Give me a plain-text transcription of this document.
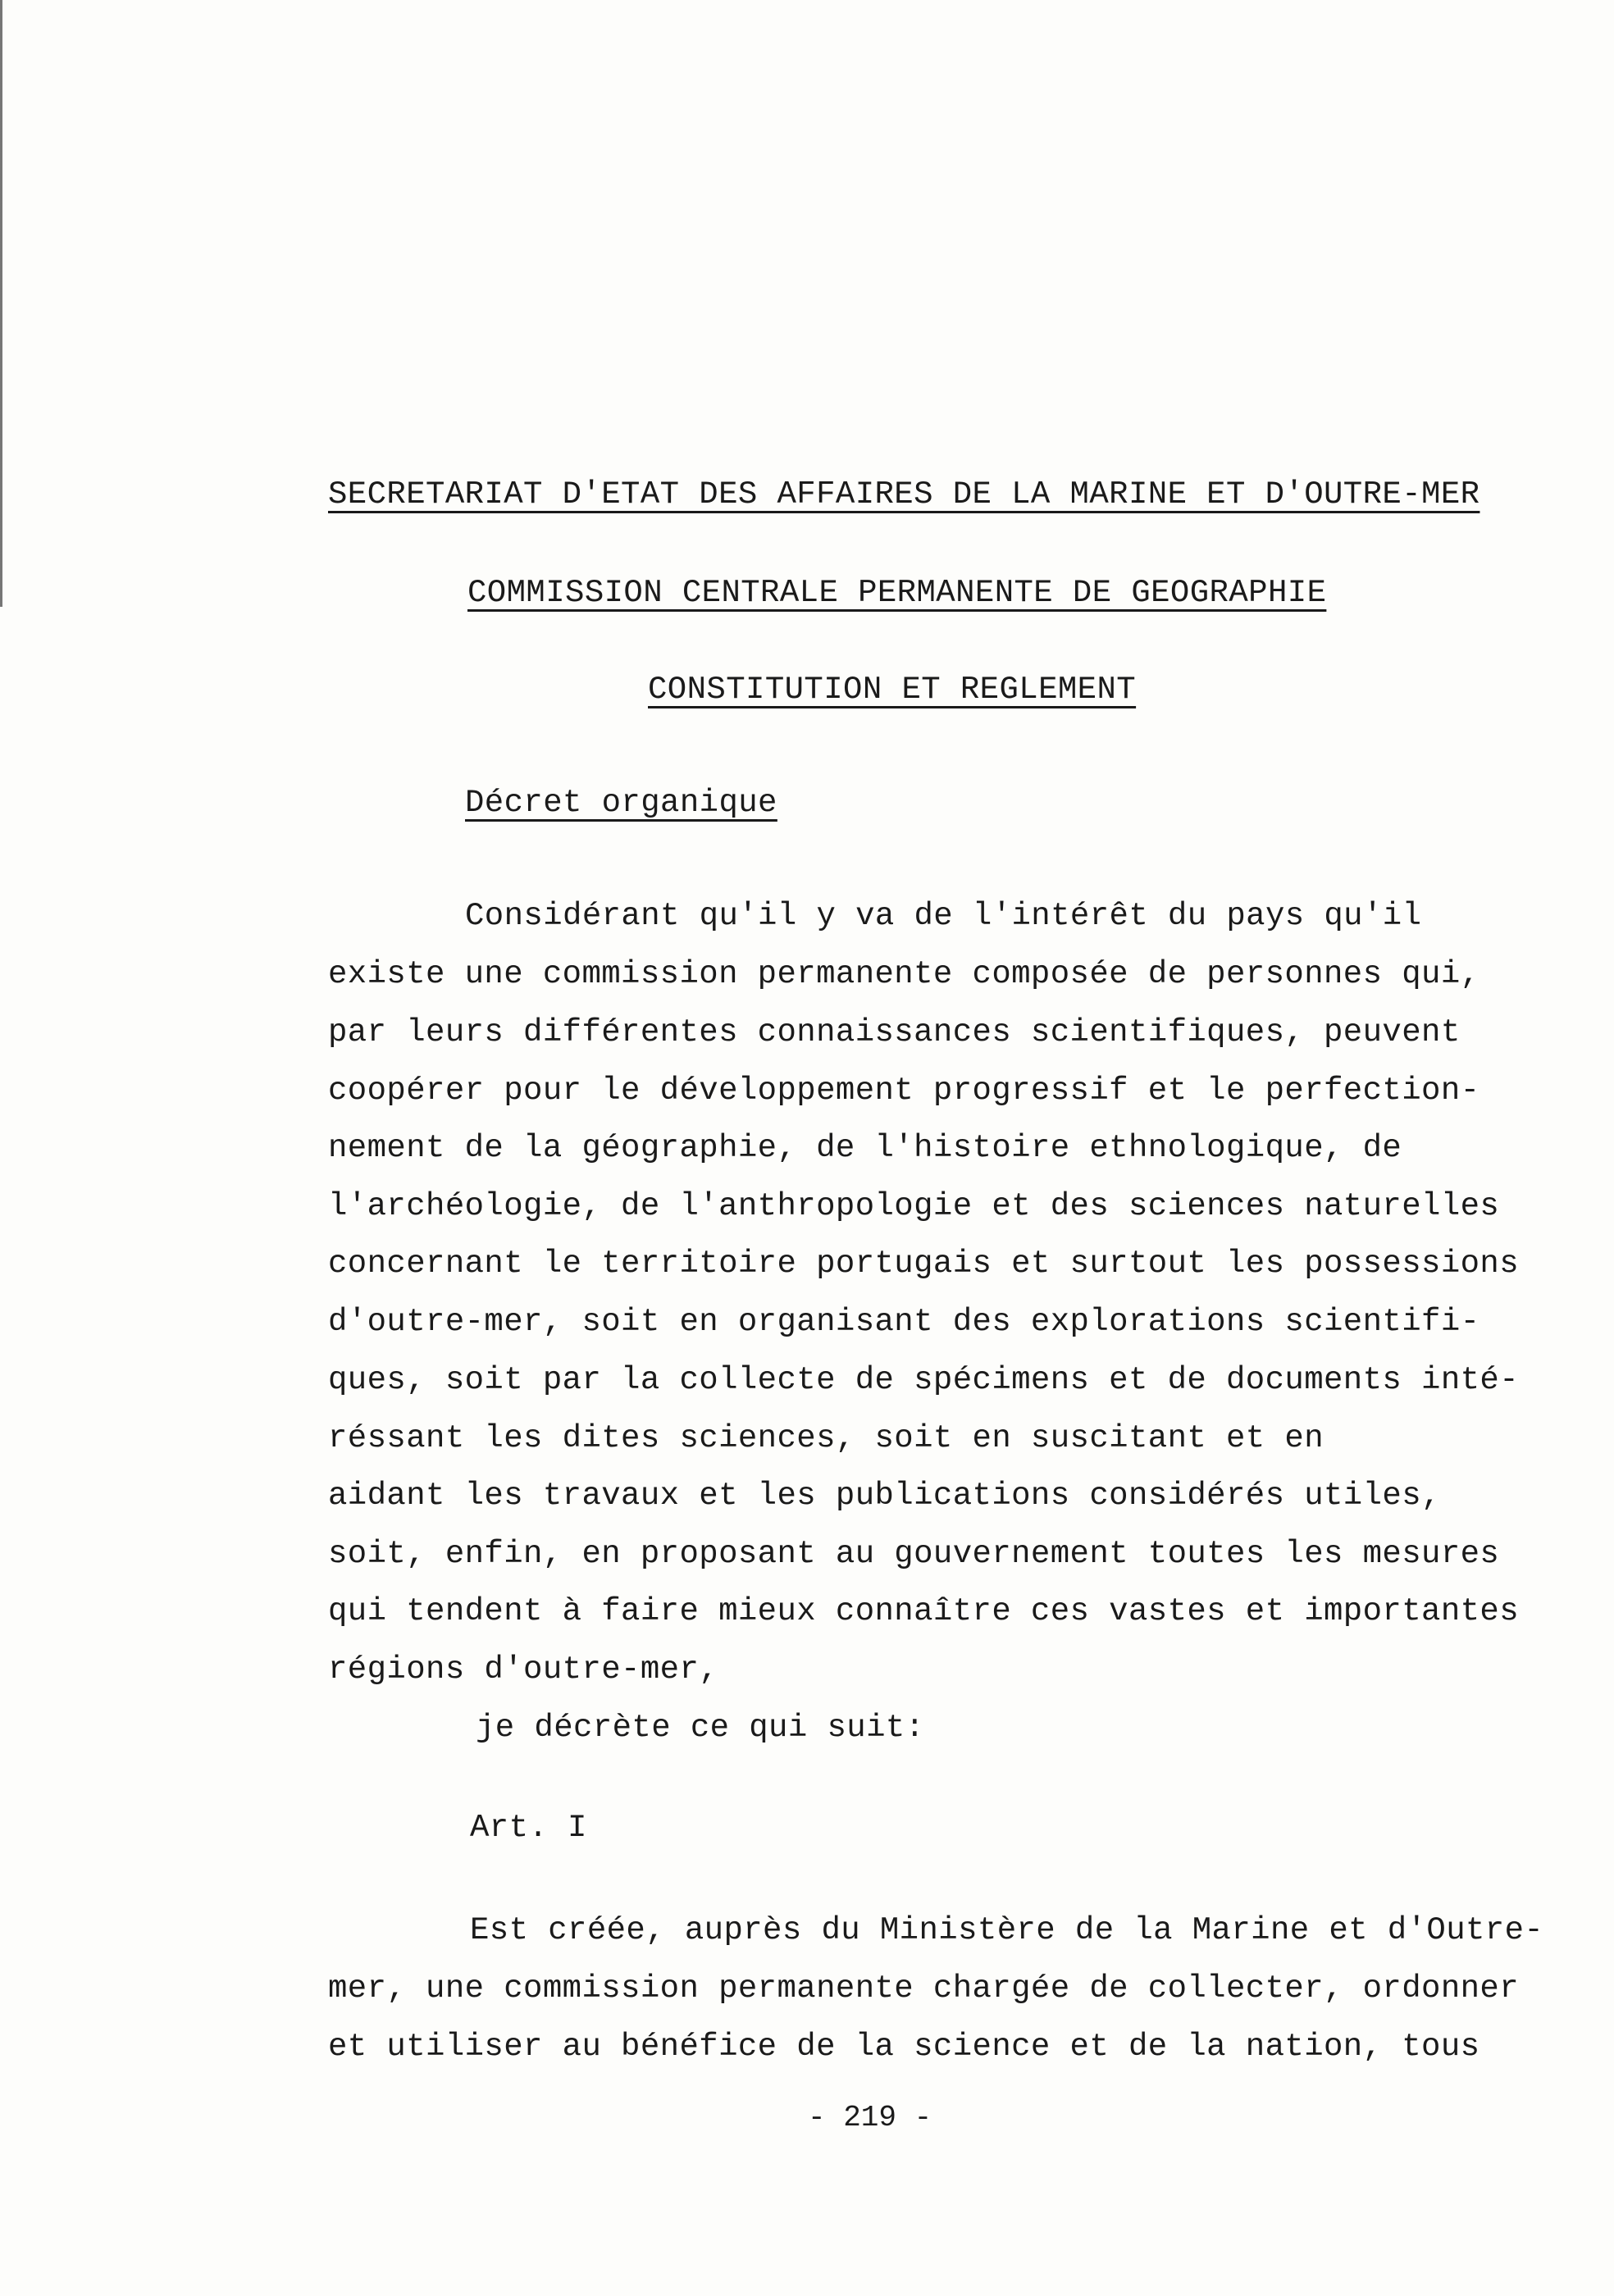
SECRETARIAT D'ETAT DES AFFAIRES DE LA MARINE ET D'OUTRE-MER
COMMISSION CENTRALE PERMANENTE DE GEOGRAPHIE
CONSTITUTION ET REGLEMENT
Décret organique
Considérant qu'il y va de l'intérêt du pays qu'il
existe une commission permanente composée de personnes qui,
par leurs différentes connaissances scientifiques, peuvent
coopérer pour le développement progressif et le perfection-
nement de la géographie, de l'histoire ethnologique, de
l'archéologie, de l'anthropologie et des sciences naturelles
concernant le territoire portugais et surtout les possessions
d'outre-mer, soit en organisant des explorations scientifi-
ques, soit par la collecte de spécimens et de documents inté-
réssant les dites sciences, soit en suscitant et en
aidant les travaux et les publications considérés utiles,
soit, enfin, en proposant au gouvernement toutes les mesures
qui tendent à faire mieux connaître ces vastes et importantes
régions d'outre-mer,
je décrète ce qui suit:
Art. I
Est créée, auprès du Ministère de la Marine et d'Outre-
mer, une commission permanente chargée de collecter, ordonner
et utiliser au bénéfice de la science et de la nation, tous
- 219 -
